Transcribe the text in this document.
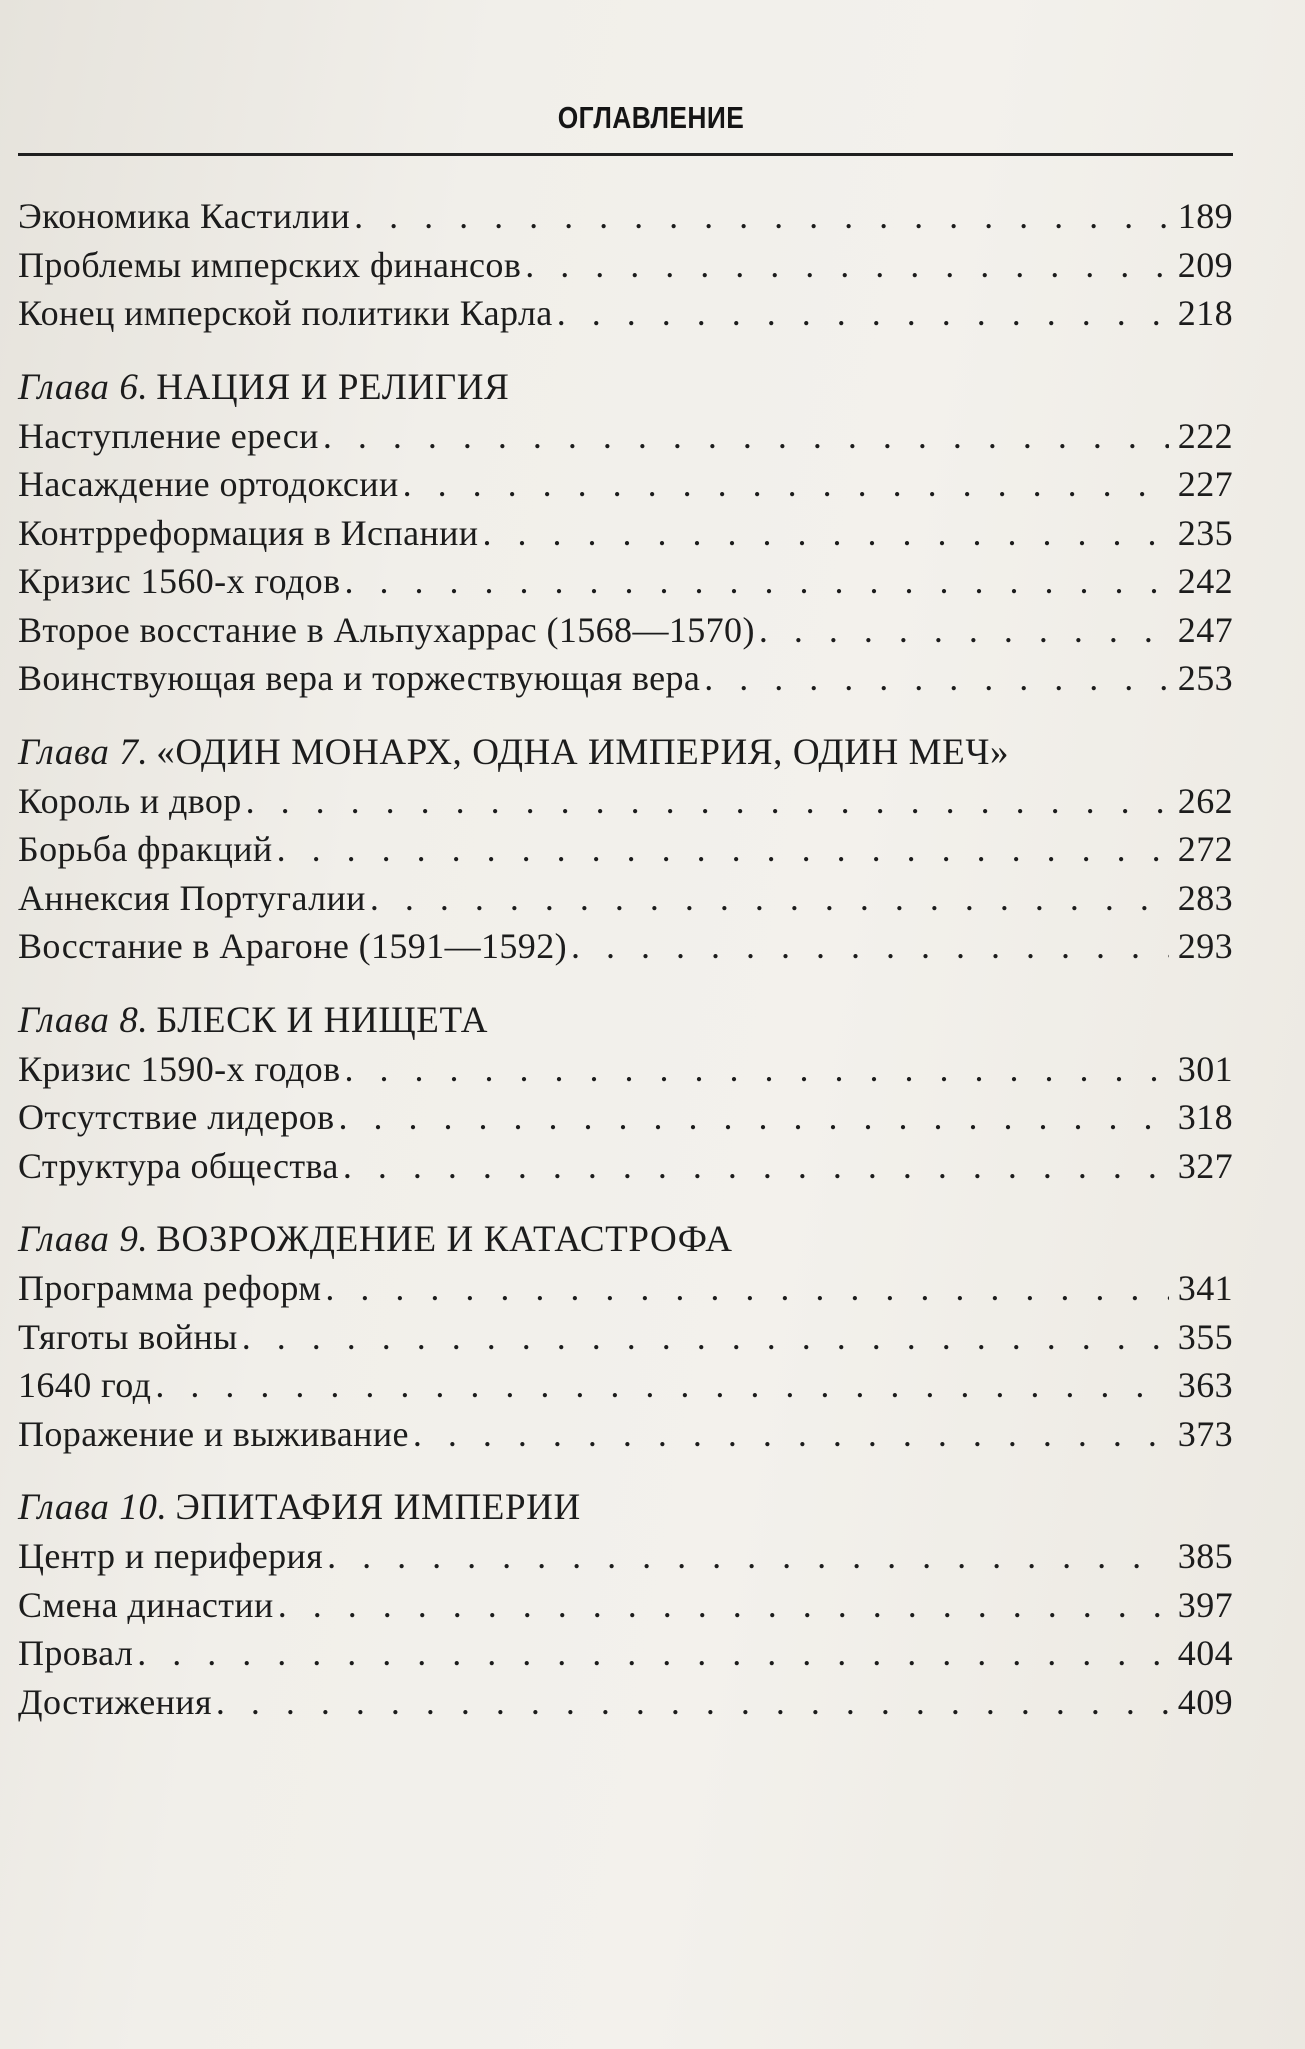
ОГЛАВЛЕНИЕ
Экономика Кастилии . . .	189
Проблемы имперских финансов . . .	209
Конец имперской политики Карла . . .	218
Глава 6. НАЦИЯ И РЕЛИГИЯ
Наступление ереси . . .	222
Насаждение ортодоксии . . .	227
Контрреформация в Испании . . .	235
Кризис 1560-х годов . . .	242
Второе восстание в Альпухаррас (1568—1570) . . .	247
Воинствующая вера и торжествующая вера . . .	253
Глава 7. «ОДИН МОНАРХ, ОДНА ИМПЕРИЯ, ОДИН МЕЧ»
Король и двор . . .	262
Борьба фракций . . .	272
Аннексия Португалии . . .	283
Восстание в Арагоне (1591—1592) . . .	293
Глава 8. БЛЕСК И НИЩЕТА
Кризис 1590-х годов . . .	301
Отсутствие лидеров . . .	318
Структура общества . . .	327
Глава 9. ВОЗРОЖДЕНИЕ И КАТАСТРОФА
Программа реформ . . .	341
Тяготы войны . . .	355
1640 год . . .	363
Поражение и выживание . . .	373
Глава 10. ЭПИТАФИЯ ИМПЕРИИ
Центр и периферия . . .	385
Смена династии . . .	397
Провал . . .	404
Достижения . . .	409
